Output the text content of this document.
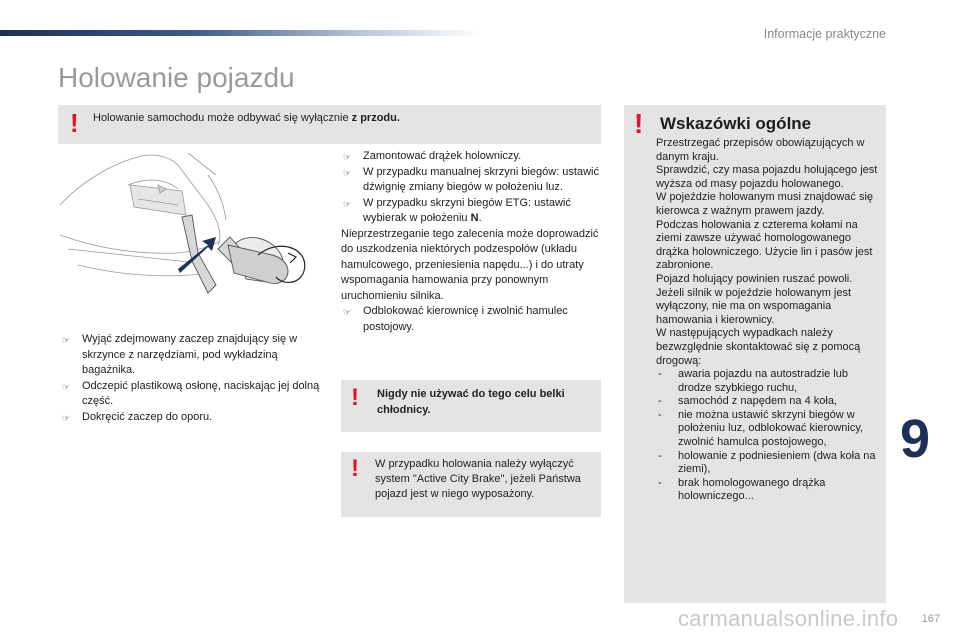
Informacje praktyczne
Holowanie pojazdu
! Holowanie samochodu może odbywać się wyłącznie z przodu.
☞ Wyjąć zdejmowany zaczep znajdujący się w skrzynce z narzędziami, pod wykładziną bagażnika.
☞ Odczepić plastikową osłonę, naciskając jej dolną część.
☞ Dokręcić zaczep do oporu.
☞ Zamontować drążek holowniczy.
☞ W przypadku manualnej skrzyni biegów: ustawić dźwignię zmiany biegów w położeniu luz.
☞ W przypadku skrzyni biegów ETG: ustawić wybierak w położeniu N.
Nieprzestrzeganie tego zalecenia może doprowadzić do uszkodzenia niektórych podzespołów (układu hamulcowego, przeniesienia napędu...) i do utraty wspomagania hamowania przy ponownym uruchomieniu silnika.
☞ Odblokować kierownicę i zwolnić hamulec postojowy.
! Nigdy nie używać do tego celu belki chłodnicy.
! W przypadku holowania należy wyłączyć system "Active City Brake", jeżeli Państwa pojazd jest w niego wyposażony.
! Wskazówki ogólne
Przestrzegać przepisów obowiązujących w danym kraju.
Sprawdzić, czy masa pojazdu holującego jest wyższa od masy pojazdu holowanego.
W pojeździe holowanym musi znajdować się kierowca z ważnym prawem jazdy.
Podczas holowania z czterema kołami na ziemi zawsze używać homologowanego drążka holowniczego. Użycie lin i pasów jest zabronione.
Pojazd holujący powinien ruszać powoli.
Jeżeli silnik w pojeździe holowanym jest wyłączony, nie ma on wspomagania hamowania i kierownicy.
W następujących wypadkach należy bezwzględnie skontaktować się z pomocą drogową:
- awaria pojazdu na autostradzie lub drodze szybkiego ruchu,
- samochód z napędem na 4 koła,
- nie można ustawić skrzyni biegów w położeniu luz, odblokować kierownicy, zwolnić hamulca postojowego,
- holowanie z podniesieniem (dwa koła na ziemi),
- brak homologowanego drążka holowniczego...
9
carmanualsonline.info 167
